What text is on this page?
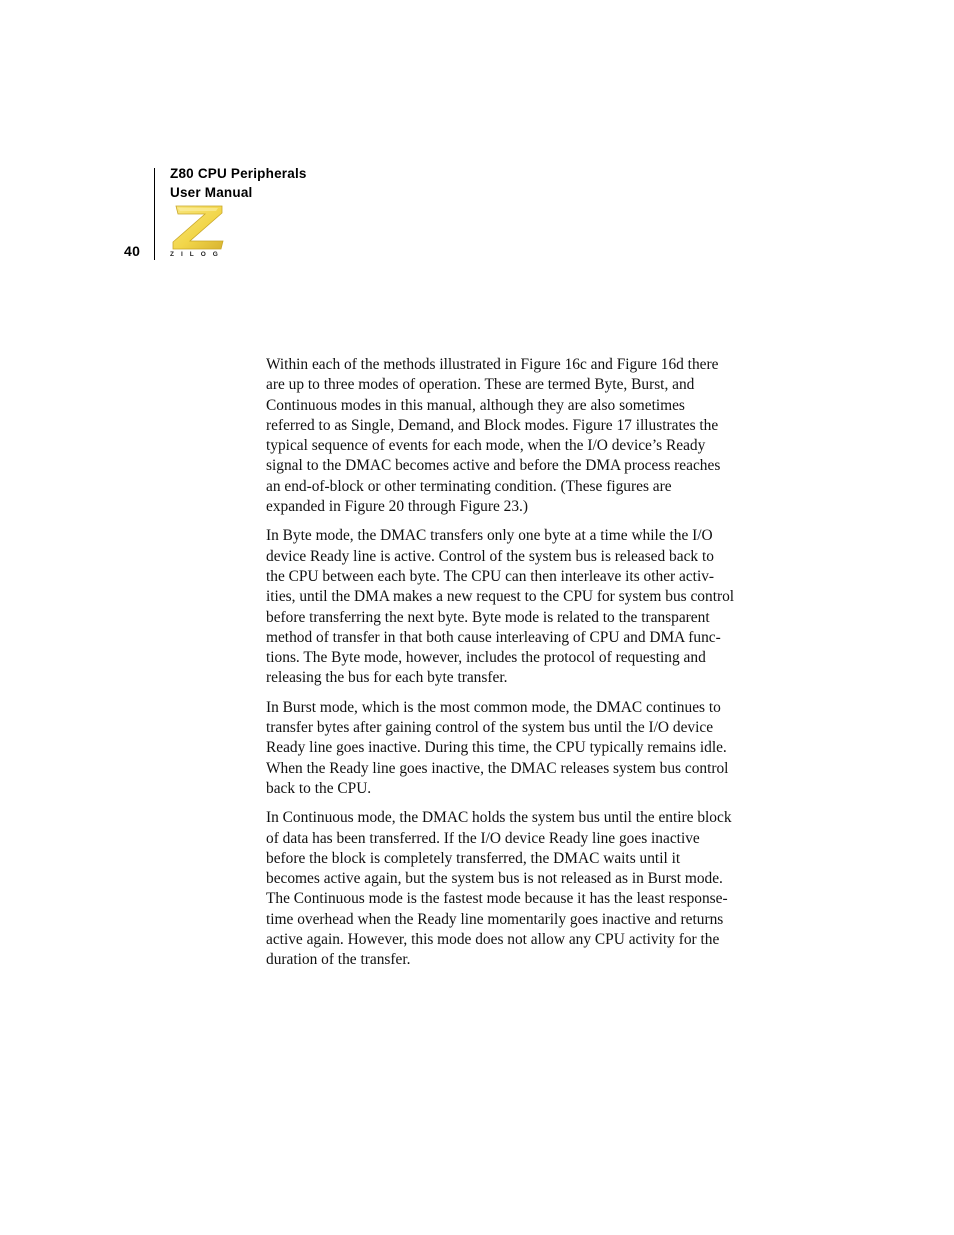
40
Z80 CPU Peripherals
User Manual
ZILOG

Within each of the methods illustrated in Figure 16c and Figure 16d there
are up to three modes of operation. These are termed Byte, Burst, and
Continuous modes in this manual, although they are also sometimes
referred to as Single, Demand, and Block modes. Figure 17 illustrates the
typical sequence of events for each mode, when the I/O device’s Ready
signal to the DMAC becomes active and before the DMA process reaches
an end-of-block or other terminating condition. (These figures are
expanded in Figure 20 through Figure 23.)

In Byte mode, the DMAC transfers only one byte at a time while the I/O
device Ready line is active. Control of the system bus is released back to
the CPU between each byte. The CPU can then interleave its other activ-
ities, until the DMA makes a new request to the CPU for system bus control
before transferring the next byte. Byte mode is related to the transparent
method of transfer in that both cause interleaving of CPU and DMA func-
tions. The Byte mode, however, includes the protocol of requesting and
releasing the bus for each byte transfer.

In Burst mode, which is the most common mode, the DMAC continues to
transfer bytes after gaining control of the system bus until the I/O device
Ready line goes inactive. During this time, the CPU typically remains idle.
When the Ready line goes inactive, the DMAC releases system bus control
back to the CPU.

In Continuous mode, the DMAC holds the system bus until the entire block
of data has been transferred. If the I/O device Ready line goes inactive
before the block is completely transferred, the DMAC waits until it
becomes active again, but the system bus is not released as in Burst mode.
The Continuous mode is the fastest mode because it has the least response-
time overhead when the Ready line momentarily goes inactive and returns
active again. However, this mode does not allow any CPU activity for the
duration of the transfer.
